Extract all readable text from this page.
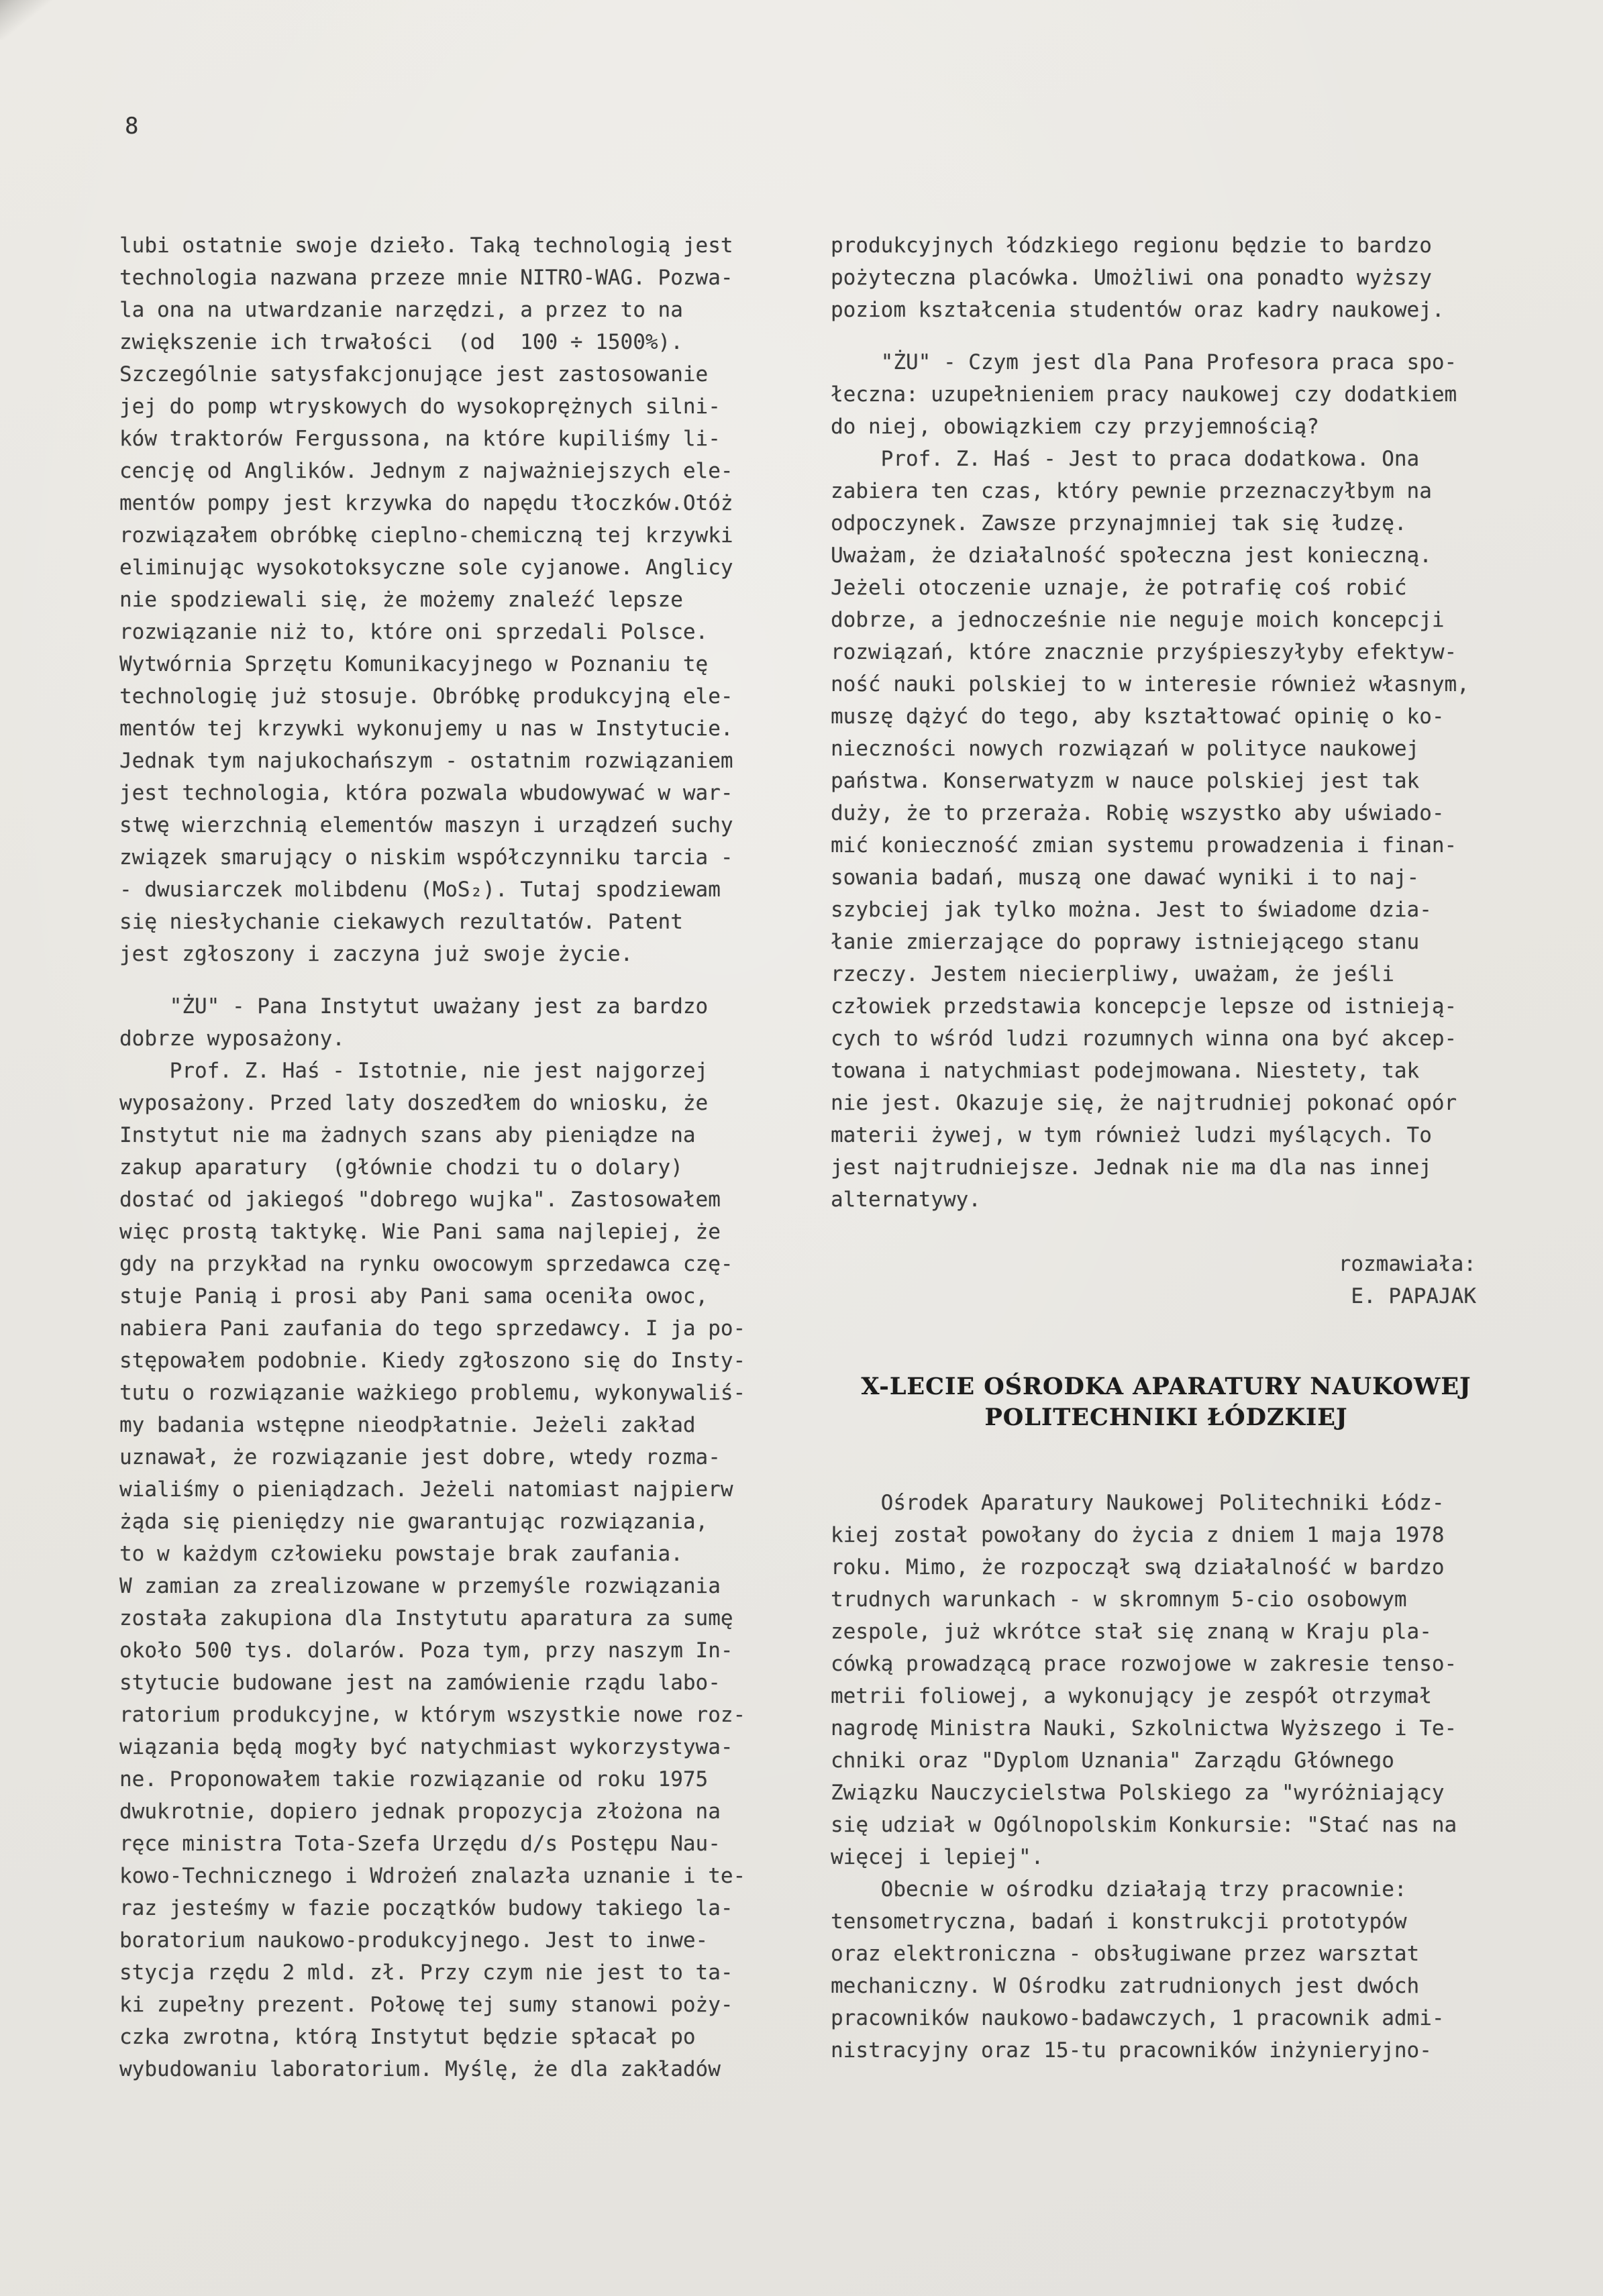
8
lubi ostatnie swoje dzieło. Taką technologią jest
technologia nazwana przeze mnie NITRO-WAG. Pozwa-
la ona na utwardzanie narzędzi, a przez to na
zwiększenie ich trwałości  (od  100 ÷ 1500%).
Szczególnie satysfakcjonujące jest zastosowanie
jej do pomp wtryskowych do wysokoprężnych silni-
ków traktorów Fergussona, na które kupiliśmy li-
cencję od Anglików. Jednym z najważniejszych ele-
mentów pompy jest krzywka do napędu tłoczków.Otóż
rozwiązałem obróbkę cieplno-chemiczną tej krzywki
eliminując wysokotoksyczne sole cyjanowe. Anglicy
nie spodziewali się, że możemy znaleźć lepsze
rozwiązanie niż to, które oni sprzedali Polsce.
Wytwórnia Sprzętu Komunikacyjnego w Poznaniu tę
technologię już stosuje. Obróbkę produkcyjną ele-
mentów tej krzywki wykonujemy u nas w Instytucie.
Jednak tym najukochańszym - ostatnim rozwiązaniem
jest technologia, która pozwala wbudowywać w war-
stwę wierzchnią elementów maszyn i urządzeń suchy
związek smarujący o niskim współczynniku tarcia -
- dwusiarczek molibdenu (MoS₂). Tutaj spodziewam
się niesłychanie ciekawych rezultatów. Patent
jest zgłoszony i zaczyna już swoje życie.
"ŻU" - Pana Instytut uważany jest za bardzo
dobrze wyposażony.
Prof. Z. Haś - Istotnie, nie jest najgorzej
wyposażony. Przed laty doszedłem do wniosku, że
Instytut nie ma żadnych szans aby pieniądze na
zakup aparatury  (głównie chodzi tu o dolary)
dostać od jakiegoś "dobrego wujka". Zastosowałem
więc prostą taktykę. Wie Pani sama najlepiej, że
gdy na przykład na rynku owocowym sprzedawca czę-
stuje Panią i prosi aby Pani sama oceniła owoc,
nabiera Pani zaufania do tego sprzedawcy. I ja po-
stępowałem podobnie. Kiedy zgłoszono się do Insty-
tutu o rozwiązanie ważkiego problemu, wykonywaliś-
my badania wstępne nieodpłatnie. Jeżeli zakład
uznawał, że rozwiązanie jest dobre, wtedy rozma-
wialiśmy o pieniądzach. Jeżeli natomiast najpierw
żąda się pieniędzy nie gwarantując rozwiązania,
to w każdym człowieku powstaje brak zaufania.
W zamian za zrealizowane w przemyśle rozwiązania
została zakupiona dla Instytutu aparatura za sumę
około 500 tys. dolarów. Poza tym, przy naszym In-
stytucie budowane jest na zamówienie rządu labo-
ratorium produkcyjne, w którym wszystkie nowe roz-
wiązania będą mogły być natychmiast wykorzystywa-
ne. Proponowałem takie rozwiązanie od roku 1975
dwukrotnie, dopiero jednak propozycja złożona na
ręce ministra Tota-Szefa Urzędu d/s Postępu Nau-
kowo-Technicznego i Wdrożeń znalazła uznanie i te-
raz jesteśmy w fazie początków budowy takiego la-
boratorium naukowo-produkcyjnego. Jest to inwe-
stycja rzędu 2 mld. zł. Przy czym nie jest to ta-
ki zupełny prezent. Połowę tej sumy stanowi poży-
czka zwrotna, którą Instytut będzie spłacał po
wybudowaniu laboratorium. Myślę, że dla zakładów
produkcyjnych łódzkiego regionu będzie to bardzo
pożyteczna placówka. Umożliwi ona ponadto wyższy
poziom kształcenia studentów oraz kadry naukowej.
"ŻU" - Czym jest dla Pana Profesora praca spo-
łeczna: uzupełnieniem pracy naukowej czy dodatkiem
do niej, obowiązkiem czy przyjemnością?
Prof. Z. Haś - Jest to praca dodatkowa. Ona
zabiera ten czas, który pewnie przeznaczyłbym na
odpoczynek. Zawsze przynajmniej tak się łudzę.
Uważam, że działalność społeczna jest konieczną.
Jeżeli otoczenie uznaje, że potrafię coś robić
dobrze, a jednocześnie nie neguje moich koncepcji
rozwiązań, które znacznie przyśpieszyłyby efektyw-
ność nauki polskiej to w interesie również własnym,
muszę dążyć do tego, aby kształtować opinię o ko-
nieczności nowych rozwiązań w polityce naukowej
państwa. Konserwatyzm w nauce polskiej jest tak
duży, że to przeraża. Robię wszystko aby uświado-
mić konieczność zmian systemu prowadzenia i finan-
sowania badań, muszą one dawać wyniki i to naj-
szybciej jak tylko można. Jest to świadome dzia-
łanie zmierzające do poprawy istniejącego stanu
rzeczy. Jestem niecierpliwy, uważam, że jeśli
człowiek przedstawia koncepcje lepsze od istnieją-
cych to wśród ludzi rozumnych winna ona być akcep-
towana i natychmiast podejmowana. Niestety, tak
nie jest. Okazuje się, że najtrudniej pokonać opór
materii żywej, w tym również ludzi myślących. To
jest najtrudniejsze. Jednak nie ma dla nas innej
alternatywy.
rozmawiała:
E. PAPAJAK
X-LECIE OŚRODKA APARATURY NAUKOWEJ
POLITECHNIKI ŁÓDZKIEJ
Ośrodek Aparatury Naukowej Politechniki Łódz-
kiej został powołany do życia z dniem 1 maja 1978
roku. Mimo, że rozpoczął swą działalność w bardzo
trudnych warunkach - w skromnym 5-cio osobowym
zespole, już wkrótce stał się znaną w Kraju pla-
cówką prowadzącą prace rozwojowe w zakresie tenso-
metrii foliowej, a wykonujący je zespół otrzymał
nagrodę Ministra Nauki, Szkolnictwa Wyższego i Te-
chniki oraz "Dyplom Uznania" Zarządu Głównego
Związku Nauczycielstwa Polskiego za "wyróżniający
się udział w Ogólnopolskim Konkursie: "Stać nas na
więcej i lepiej".
Obecnie w ośrodku działają trzy pracownie:
tensometryczna, badań i konstrukcji prototypów
oraz elektroniczna - obsługiwane przez warsztat
mechaniczny. W Ośrodku zatrudnionych jest dwóch
pracowników naukowo-badawczych, 1 pracownik admi-
nistracyjny oraz 15-tu pracowników inżynieryjno-
